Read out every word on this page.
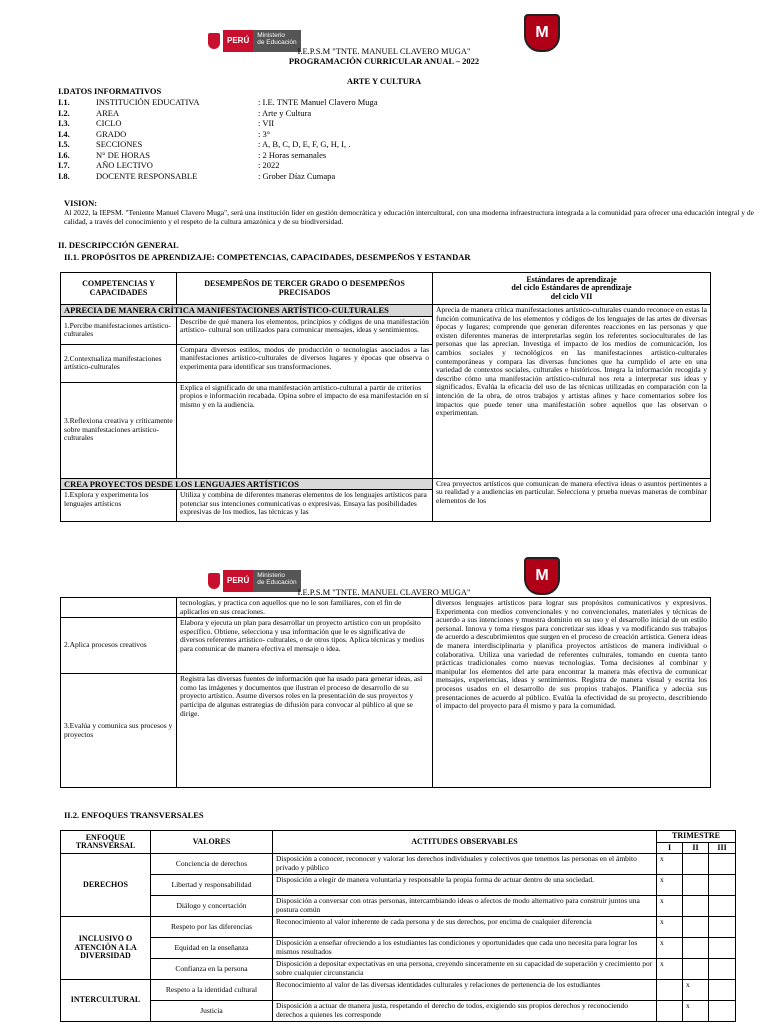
PERÚ
Ministerio
de Educación
M
I.E.P.S.M "TNTE. MANUEL CLAVERO MUGA"
PROGRAMACIÓN CURRICULAR ANUAL – 2022
ARTE Y CULTURA
I.DATOS INFORMATIVOS
I.1.	INSTITUCIÓN EDUCATIVA	: I.E. TNTE Manuel Clavero Muga
I.2.	AREA	: Arte y Cultura
I.3.	CICLO	: VII
I.4.	GRADO	: 3°
I.5.	SECCIONES	: A, B, C, D, E, F, G, H, I, .
I.6.	N° DE HORAS	: 2 Horas semanales
I.7.	AÑO LECTIVO	: 2022
I.8.	DOCENTE RESPONSABLE	: Grober Díaz Cumapa
VISION:
Al 2022, la IEPSM. "Teniente Manuel Clavero Muga", será una institución líder en gestión democrática y educación intercultural, con una moderna infraestructura integrada a la comunidad para ofrecer una educación integral y de calidad, a través del conocimiento y el respeto de la cultura amazónica y de su biodiversidad.
II. DESCRIPCCIÓN GENERAL
II.1. PROPÓSITOS DE APRENDIZAJE: COMPETENCIAS, CAPACIDADES, DESEMPEÑOS Y ESTANDAR
COMPETENCIAS Y CAPACIDADES	DESEMPEÑOS DE TERCER GRADO O DESEMPEÑOS PRECISADOS	Estándares de aprendizaje
del ciclo Estándares de aprendizaje
del ciclo VII

APRECIA DE MANERA CRÍTICA MANIFESTACIONES ARTÍSTICO-CULTURALES		Aprecia de manera crítica manifestaciones artístico-culturales cuando reconoce en estas la función comunicativa de los elementos y códigos de los lenguajes de las artes de diversas épocas y lugares; comprende que generan diferentes reacciones en las personas y que existen diferentes maneras de interpretarlas según los referentes socioculturales de las personas que las aprecian. Investiga el impacto de los medios de comunicación, los cambios sociales y tecnológicos en las manifestaciones artístico-culturales contemporáneas y compara las diversas funciones que ha cumplido el arte en una variedad de contextos sociales, culturales e históricos. Integra la información recogida y describe cómo una manifestación artístico-cultural nos reta a interpretar sus ideas y significados. Evalúa la eficacia del uso de las técnicas utilizadas en comparación con la intención de la obra, de otros trabajos y artistas afines y hace comentarios sobre los impactos que puede tener una manifestación sobre aquellos que las observan o experimentan.
1.Percibe manifestaciones artístico-culturales	Describe de qué manera los elementos, principios y códigos de una manifestación artístico- cultural son utilizados para comunicar mensajes, ideas y sentimientos.	
2.Contextualiza manifestaciones artístico-culturales	Compara diversos estilos, modos de producción o tecnologías asociados a las manifestaciones artístico-culturales de diversos lugares y épocas que observa o experimenta para identificar sus transformaciones.	
3.Reflexiona creativa y críticamente sobre manifestaciones artístico-culturales	Explica el significado de una manifestación artístico-cultural a partir de criterios propios e información recabada. Opina sobre el impacto de esa manifestación en sí mismo y en la audiencia.	
CREA PROYECTOS DESDE LOS LENGUAJES ARTÍSTICOS		Crea proyectos artísticos que comunican de manera efectiva ideas o asuntos pertinentes a su realidad y a audiencias en particular. Selecciona y prueba nuevas maneras de combinar elementos de los
1.Explora y experimenta los lenguajes artísticos	Utiliza y combina de diferentes maneras elementos de los lenguajes artísticos para potenciar sus intenciones comunicativas o expresivas. Ensaya las posibilidades expresivas de los medios, las técnicas y las	
PERÚ
Ministerio
de Educación	M
I.E.P.S.M "TNTE. MANUEL CLAVERO MUGA"
	tecnologías, y practica con aquellos que no le son familiares, con el fin de aplicarlos en sus creaciones.	diversos lenguajes artísticos para lograr sus propósitos comunicativos y expresivos. Experimenta con medios convencionales y no convencionales, materiales y técnicas de acuerdo a sus intenciones y muestra dominio en su uso y el desarrollo inicial de un estilo personal. Innova y toma riesgos para concretizar sus ideas y va modificando sus trabajos de acuerdo a descubrimientos que surgen en el proceso de creación artística. Genera ideas de manera interdisciplinaria y planifica proyectos artísticos de manera individual o colaborativa. Utiliza una variedad de referentes culturales, tomando en cuenta tanto prácticas tradicionales como nuevas tecnologías. Toma decisiones al combinar y manipular los elementos del arte para encontrar la manera más efectiva de comunicar mensajes, experiencias, ideas y sentimientos. Registra de manera visual y escrita los procesos usados en el desarrollo de sus propios trabajos. Planifica y adecúa sus presentaciones de acuerdo al público. Evalúa la efectividad de su proyecto, describiendo el impacto del proyecto para él mismo y para la comunidad.
2.Aplica procesos creativos	Elabora y ejecuta un plan para desarrollar un proyecto artístico con un propósito específico. Obtiene, selecciona y usa información que le es significativa de diversos referentes artístico- culturales, o de otros tipos. Aplica técnicas y medios para comunicar de manera efectiva el mensaje o idea.	
3.Evalúa y comunica sus procesos y proyectos	Registra las diversas fuentes de información que ha usado para generar ideas, así como las imágenes y documentos que ilustran el proceso de desarrollo de su proyecto artístico. Asume diversos roles en la presentación de sus proyectos y participa de algunas estrategias de difusión para convocar al público al que se dirige.	
II.2. ENFOQUES TRANSVERSALES
ENFOQUE TRANSVERSAL	VALORES	ACTITUDES OBSERVABLES	TRIMESTRE		
			I	II	III
DERECHOS	Conciencia de derechos	Disposición a conocer, reconocer y valorar los derechos individuales y colectivos que tenemos las personas en el ámbito privado y público	x		
	Libertad y responsabilidad	Disposición a elegir de manera voluntaria y responsable la propia forma de actuar dentro de una sociedad.	x		
	Diálogo y concertación	Disposición a conversar con otras personas, intercambiando ideas o afectos de modo alternativo para construir juntos una postura común	x		
INCLUSIVO O ATENCIÓN A LA DIVERSIDAD	Respeto por las diferencias	Reconocimiento al valor inherente de cada persona y de sus derechos, por encima de cualquier diferencia	x		
	Equidad en la enseñanza	Disposición a enseñar ofreciendo a los estudiantes las condiciones y oportunidades que cada uno necesita para lograr los mismos resultados	x		
	Confianza en la persona	Disposición a depositar expectativas en una persona, creyendo sinceramente en su capacidad de superación y crecimiento por sobre cualquier circunstancia	x		
INTERCULTURAL	Respeto a la identidad cultural	Reconocimiento al valor de las diversas identidades culturales y relaciones de pertenencia de los estudiantes		x	
	Justicia	Disposición a actuar de manera justa, respetando el derecho de todos, exigiendo sus propios derechos y reconociendo derechos a quienes les corresponde		x	
